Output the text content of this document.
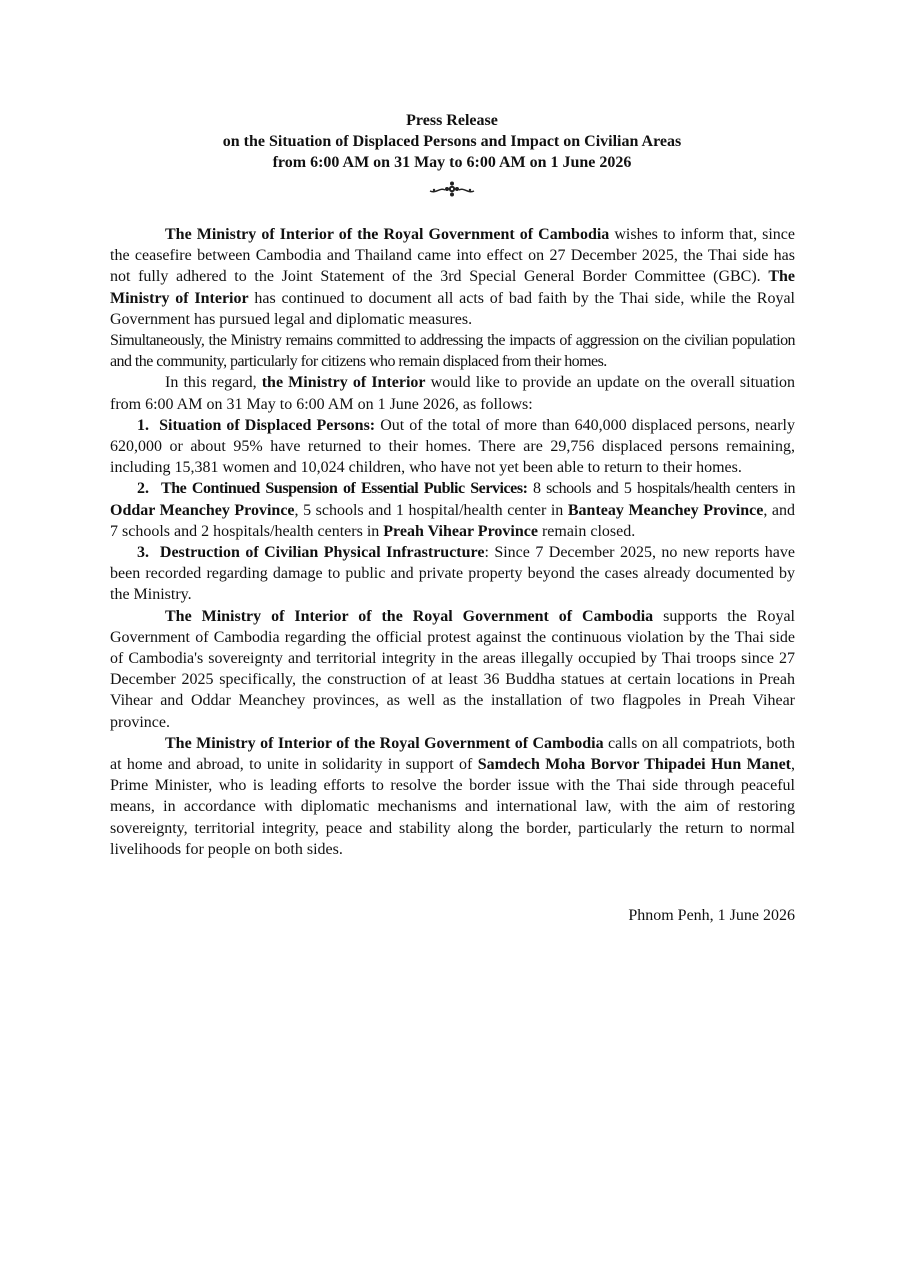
Press Release
on the Situation of Displaced Persons and Impact on Civilian Areas
from 6:00 AM on 31 May to 6:00 AM on 1 June 2026

The Ministry of Interior of the Royal Government of Cambodia wishes to inform that, since the ceasefire between Cambodia and Thailand came into effect on 27 December 2025, the Thai side has not fully adhered to the Joint Statement of the 3rd Special General Border Committee (GBC). The Ministry of Interior has continued to document all acts of bad faith by the Thai side, while the Royal Government has pursued legal and diplomatic measures.

Simultaneously, the Ministry remains committed to addressing the impacts of aggression on the civilian population and the community, particularly for citizens who remain displaced from their homes.

In this regard, the Ministry of Interior would like to provide an update on the overall situation from 6:00 AM on 31 May to 6:00 AM on 1 June 2026, as follows:

1. Situation of Displaced Persons: Out of the total of more than 640,000 displaced persons, nearly 620,000 or about 95% have returned to their homes. There are 29,756 displaced persons remaining, including 15,381 women and 10,024 children, who have not yet been able to return to their homes.

2. The Continued Suspension of Essential Public Services: 8 schools and 5 hospitals/health centers in Oddar Meanchey Province, 5 schools and 1 hospital/health center in Banteay Meanchey Province, and 7 schools and 2 hospitals/health centers in Preah Vihear Province remain closed.

3. Destruction of Civilian Physical Infrastructure: Since 7 December 2025, no new reports have been recorded regarding damage to public and private property beyond the cases already documented by the Ministry.

The Ministry of Interior of the Royal Government of Cambodia supports the Royal Government of Cambodia regarding the official protest against the continuous violation by the Thai side of Cambodia's sovereignty and territorial integrity in the areas illegally occupied by Thai troops since 27 December 2025 specifically, the construction of at least 36 Buddha statues at certain locations in Preah Vihear and Oddar Meanchey provinces, as well as the installation of two flagpoles in Preah Vihear province.

The Ministry of Interior of the Royal Government of Cambodia calls on all compatriots, both at home and abroad, to unite in solidarity in support of Samdech Moha Borvor Thipadei Hun Manet, Prime Minister, who is leading efforts to resolve the border issue with the Thai side through peaceful means, in accordance with diplomatic mechanisms and international law, with the aim of restoring sovereignty, territorial integrity, peace and stability along the border, particularly the return to normal livelihoods for people on both sides.

Phnom Penh, 1 June 2026
